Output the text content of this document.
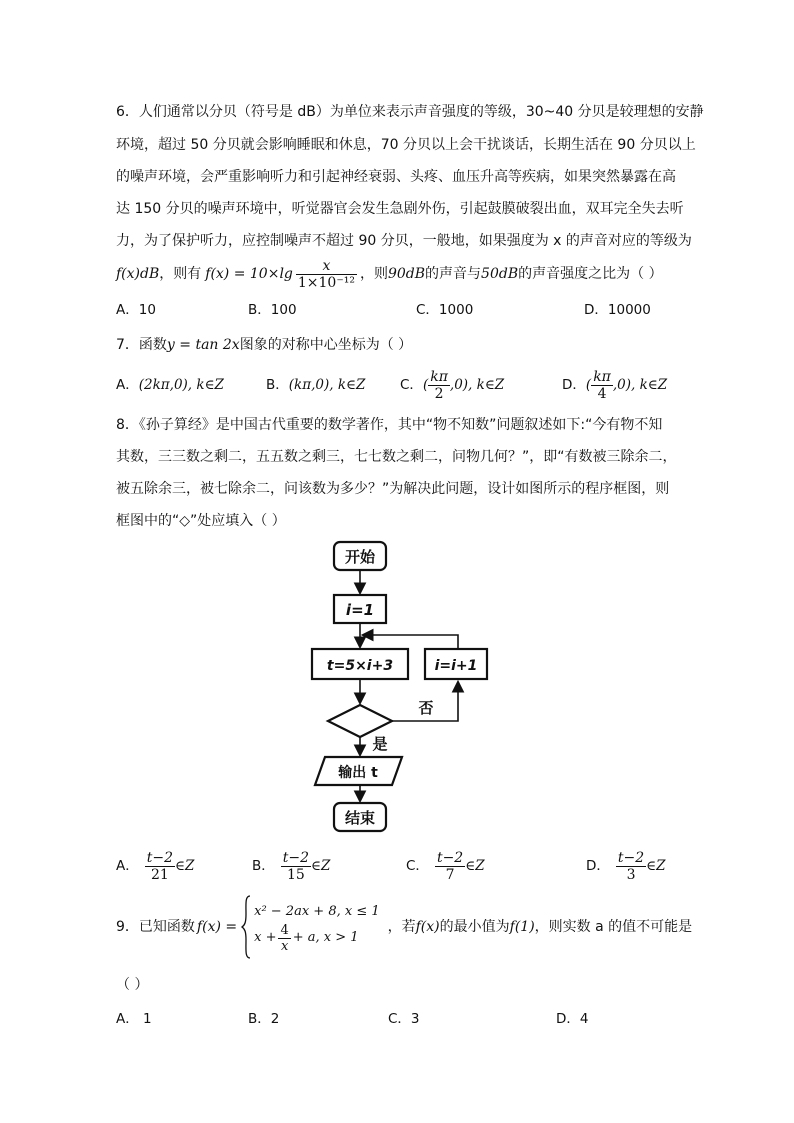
6．人们通常以分贝（符号是 dB）为单位来表示声音强度的等级，30~40 分贝是较理想的安静
环境，超过 50 分贝就会影响睡眠和休息，70 分贝以上会干扰谈话，长期生活在 90 分贝以上
的噪声环境，会严重影响听力和引起神经衰弱、头疼、血压升高等疾病，如果突然暴露在高
达 150 分贝的噪声环境中，听觉器官会发生急剧外伤，引起鼓膜破裂出血，双耳完全失去听
力，为了保护听力，应控制噪声不超过 90 分贝，一般地，如果强度为 x 的声音对应的等级为
f(x)dB ，则有 $f(x) = 10\times\lg \frac{x}{\text{1×10⁻¹²}}$ ，则 90dB 的声音与 50dB 的声音强度之比为（ ）
A．10	B．100	C．1000	D．10000
7．函数y = tan 2x图象的对称中心坐标为（ ）
A．(2kπ,0), k∈Z	B．(kπ,0), k∈Z	C． ( $\frac{k\pi}{2} ,0$), k∈Z	D． ( $\frac{k\pi}{4} ,0$), k∈Z
8．《孙子算经》是中国古代重要的数学著作，其中“物不知数”问题叙述如下:“今有物不知
其数，三三数之剩二，五五数之剩三，七七数之剩二，问物几何？”，即“有数被三除余二，
被五除余三，被七除余二，问该数为多少？”为解决此问题，设计如图所示的程序框图，则
框图中的“◇”处应填入（ ）
开始
i=1
t=5×i+3	i=i+1
否
是
输出 t
结束
A． $\frac{t-2}{21}$ ∈Z	B． $\frac{t-2}{15}$ ∈Z	C． $\frac{t-2}{7}$ ∈Z	D． $\frac{t-2}{3}$ ∈Z
9．已知函数 f(x) =
x² − 2ax + 8, x ≤ 1
$x + \frac{4}{x} + a$, x > 1
，若 f(x) 的最小值为 f(1) ，则实数 a 的值不可能是
（ ）
A． 1	B．2	C．3	D．4
